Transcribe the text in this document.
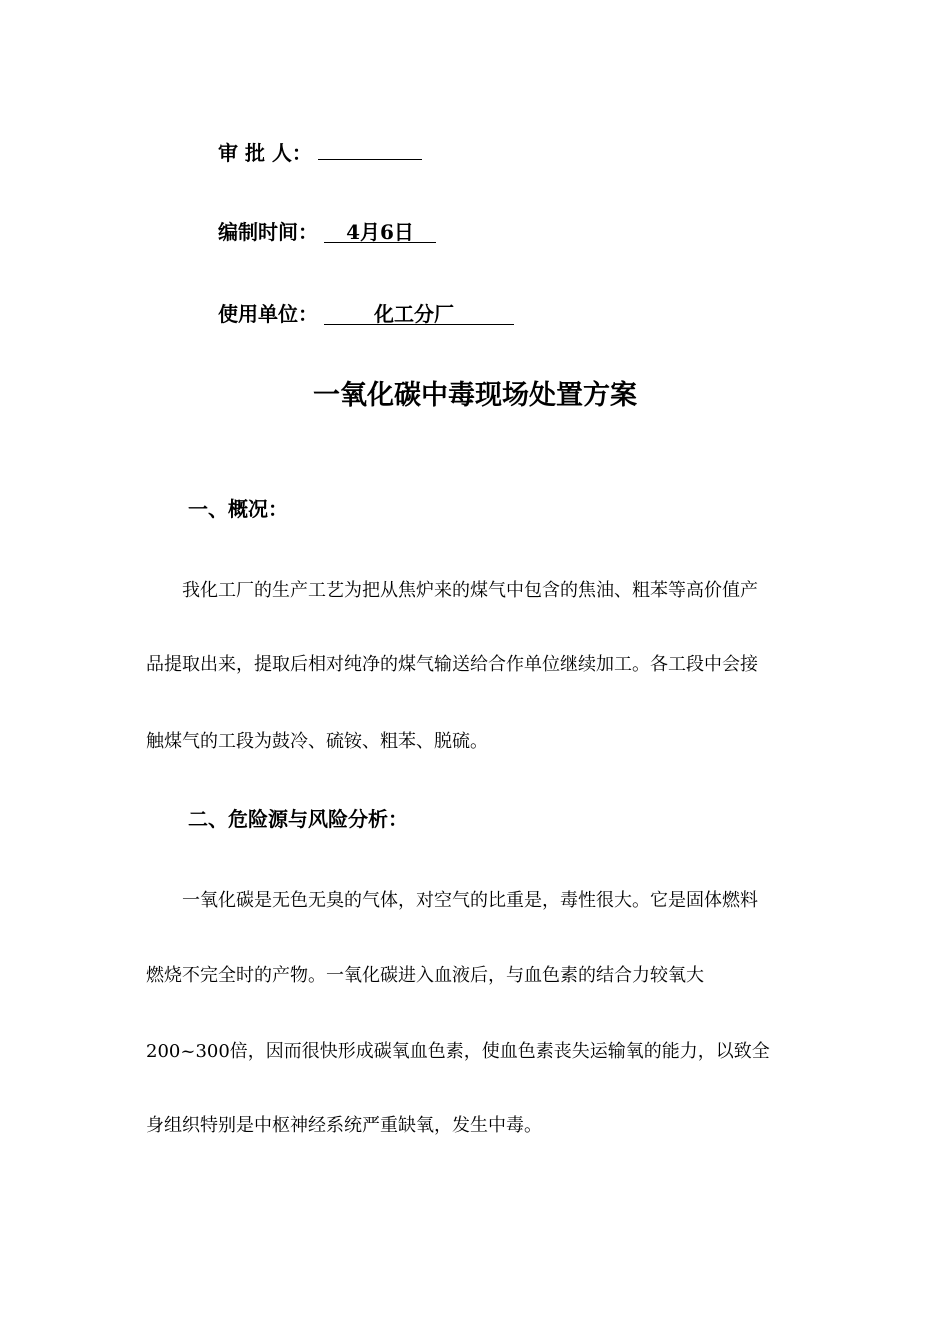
审 批 人：
编制时间： 4月6日
使用单位：	化工分厂
一氧化碳中毒现场处置方案
一、概况：
我化工厂的生产工艺为把从焦炉来的煤气中包含的焦油、粗苯等高价值产
品提取出来，提取后相对纯净的煤气输送给合作单位继续加工。各工段中会接
触煤气的工段为鼓冷、硫铵、粗苯、脱硫。
二、危险源与风险分析：
一氧化碳是无色无臭的气体，对空气的比重是，毒性很大。它是固体燃料
燃烧不完全时的产物。一氧化碳进入血液后，与血色素的结合力较氧大
200~300倍，因而很快形成碳氧血色素，使血色素丧失运输氧的能力，以致全
身组织特别是中枢神经系统严重缺氧，发生中毒。
